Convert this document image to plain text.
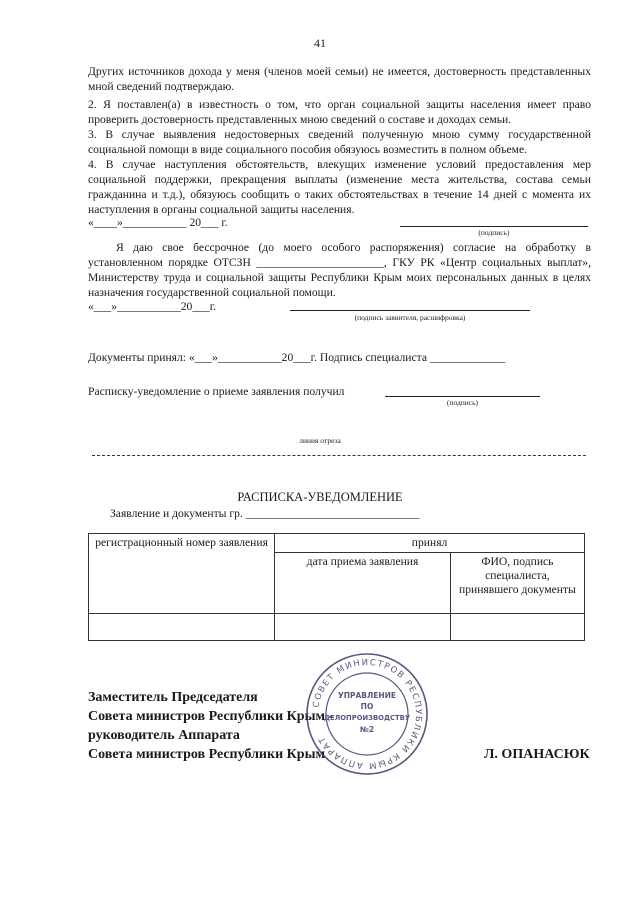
41

Других источников дохода у меня (членов моей семьи) не имеется, достоверность представленных мной сведений подтверждаю.

2. Я поставлен(а) в известность о том, что орган социальной защиты населения имеет право проверить достоверность представленных мною сведений о составе и доходах семьи.

3. В случае выявления недостоверных сведений полученную мною сумму государственной социальной помощи в виде социального пособия обязуюсь возместить в полном объеме.

4. В случае наступления обстоятельств, влекущих изменение условий предоставления мер социальной поддержки, прекращения выплаты (изменение места жительства, состава семьи гражданина и т.д.), обязуюсь сообщить о таких обстоятельствах в течение 14 дней с момента их наступления в органы социальной защиты населения.

«____»___________ 20___ г.
(подпись)

Я даю свое бессрочное (до моего особого распоряжения) согласие на обработку в установленном порядке ОТСЗН ______________________, ГКУ РК «Центр социальных выплат», Министерству труда и социальной защиты Республики Крым моих персональных данных в целях назначения государственной социальной помощи.

«___»___________20___г.
(подпись заявителя, расшифровка)
Документы принял: «___»___________20___г. Подпись специалиста _____________
Расписку-уведомление о приеме заявления получил
(подпись)
линия отреза
РАСПИСКА-УВЕДОМЛЕНИЕ
Заявление и документы гр. ______________________________
регистрационный номер заявления	принял	
	дата приема заявления	ФИО, подпись специалиста, принявшего документы

Заместитель Председателя
Совета министров Республики Крым -
руководитель Аппарата
Совета министров Республики Крым	Л. ОПАНАСЮК
СОВЕТ МИНИСТРОВ РЕСПУБЛИКИ КРЫМ АППАРАТ
УПРАВЛЕНИЕ
ПО
ДЕЛОПРОИЗВОДСТВУ
№2
